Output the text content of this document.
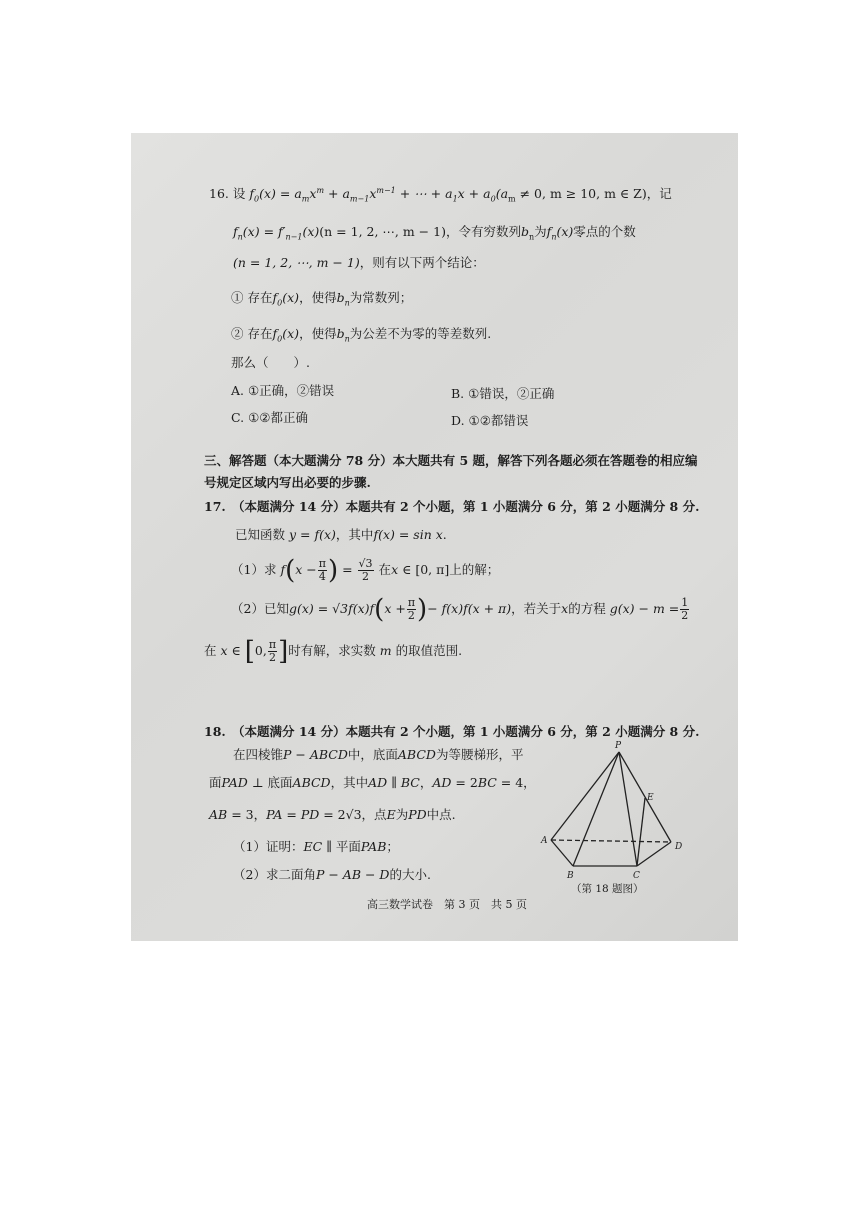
16. 设 $f_0(x) = a_mx^m + a_{m-1}x^{m-1}$ + ⋯ + $a_1x + a_0(a_m \ne 0$, m ≥ 10, m ∈ Z)，记
$f_n(x) = f'_{n-1}(x)(n = 1$, 2, ⋯, m − 1)，令有穷数列$b_n$为$f_n(x)$零点的个数
(n = 1, 2, ⋯, m − 1)，则有以下两个结论：
① 存在$f_0(x)$，使得$b_n$为常数列；
② 存在$f_0(x)$，使得$b_n$为公差不为零的等差数列.
那么（　　）.
A. ①正确，②错误	B. ①错误，②正确
C. ①②都正确	D. ①②都错误
三、解答题（本大题满分 78 分）本大题共有 5 题，解答下列各题必须在答题卷的相应编
号规定区域内写出必要的步骤.
17.　（本题满分 14 分）本题共有 2 个小题，第 1 小题满分 6 分，第 2 小题满分 8 分.
已知函数 y = f(x)，其中f(x) = sin x.
（1）求 $f(x - \frac{\pi}{4}$ ) = $\frac{√3}{2}$ 在x ∈ [0, π]上的解；
（2）已知$g(x) = √3f(x)f(x + \frac{\pi}{2}$ )− f(x)f(x + π)，若关于x的方程 $g(x) - m = \frac{1}{2}$
在 x ∈ [0, $\frac{\pi}{2}$ ]时有解，求实数 m 的取值范围.
18.　（本题满分 14 分）本题共有 2 个小题，第 1 小题满分 6 分，第 2 小题满分 8 分.
在四棱锥P − ABCD中，底面ABCD为等腰梯形，平
面PAD ⊥ 底面ABCD，其中AD ∥ BC，AD = 2BC = 4，
AB = 3，PA = PD = 2√3，点E为PD中点.
（1）证明：EC ∥ 平面PAB；
（2）求二面角P − AB − D的大小.
P
E
A
B	C
D
（第 18 题图）
高三数学试卷　第 3 页　共 5 页
